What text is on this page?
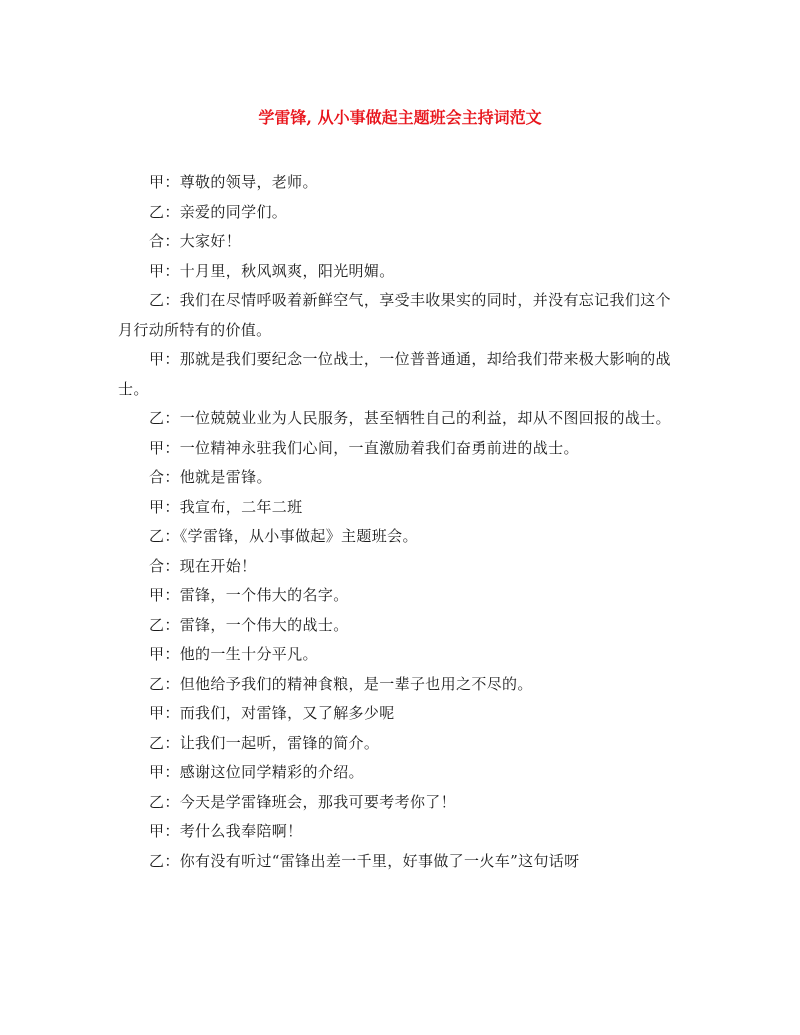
学雷锋, 从小事做起主题班会主持词范文

甲：尊敬的领导，老师。

乙：亲爱的同学们。

合：大家好！

甲：十月里，秋风飒爽，阳光明媚。

乙：我们在尽情呼吸着新鲜空气，享受丰收果实的同时，并没有忘记我们这个月行动所特有的价值。

甲：那就是我们要纪念一位战士，一位普普通通，却给我们带来极大影响的战士。

乙：一位兢兢业业为人民服务，甚至牺牲自己的利益，却从不图回报的战士。

甲：一位精神永驻我们心间，一直激励着我们奋勇前进的战士。

合：他就是雷锋。

甲：我宣布，二年二班

乙：《学雷锋，从小事做起》主题班会。

合：现在开始！

甲：雷锋，一个伟大的名字。

乙：雷锋，一个伟大的战士。

甲：他的一生十分平凡。

乙：但他给予我们的精神食粮，是一辈子也用之不尽的。

甲：而我们，对雷锋，又了解多少呢

乙：让我们一起听，雷锋的简介。

甲：感谢这位同学精彩的介绍。

乙：今天是学雷锋班会，那我可要考考你了！

甲：考什么我奉陪啊！

乙：你有没有听过“雷锋出差一千里，好事做了一火车”这句话呀
